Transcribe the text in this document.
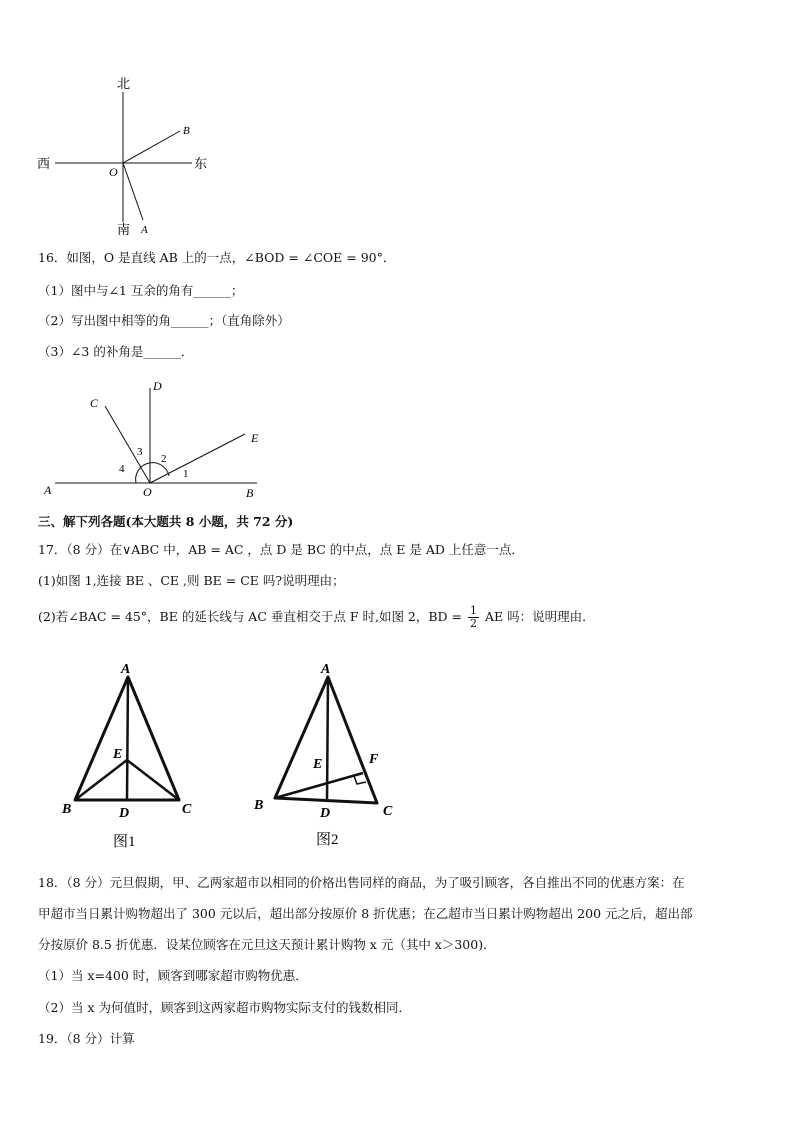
北
南
西	东
O
B
A
16．如图，O 是直线 AB 上的一点，∠BOD = ∠COE = 90°．
（1）图中与∠1 互余的角有______；
（2）写出图中相等的角______；（直角除外）
（3）∠3 的补角是______．
A	B
C
D
E
O
1
2
3
4
三、解下列各题(本大题共 8 小题，共 72 分)
17．（8 分）在∨ABC 中，AB = AC ，点 D 是 BC 的中点，点 E 是 AD 上任意一点．
(1)如图 1,连接 BE 、CE ,则 BE = CE 吗?说明理由；
(2)若∠BAC = 45°，BE 的延长线与 AC 垂直相交于点 F 时,如图 2，BD = $\frac{1}{2}$ AE 吗：说明理由．
A
B	C
D
E
图1
A
B	C
D
E	F
图2
18．（8 分）元旦假期，甲、乙两家超市以相同的价格出售同样的商品，为了吸引顾客，各自推出不同的优惠方案：在
甲超市当日累计购物超出了 300 元以后，超出部分按原价 8 折优惠；在乙超市当日累计购物超出 200 元之后，超出部
分按原价 8.5 折优惠．设某位顾客在元旦这天预计累计购物 x 元（其中 x＞300)．
（1）当 x=400 时，顾客到哪家超市购物优惠．
（2）当 x 为何值时，顾客到这两家超市购物实际支付的钱数相同．
19．（8 分）计算
